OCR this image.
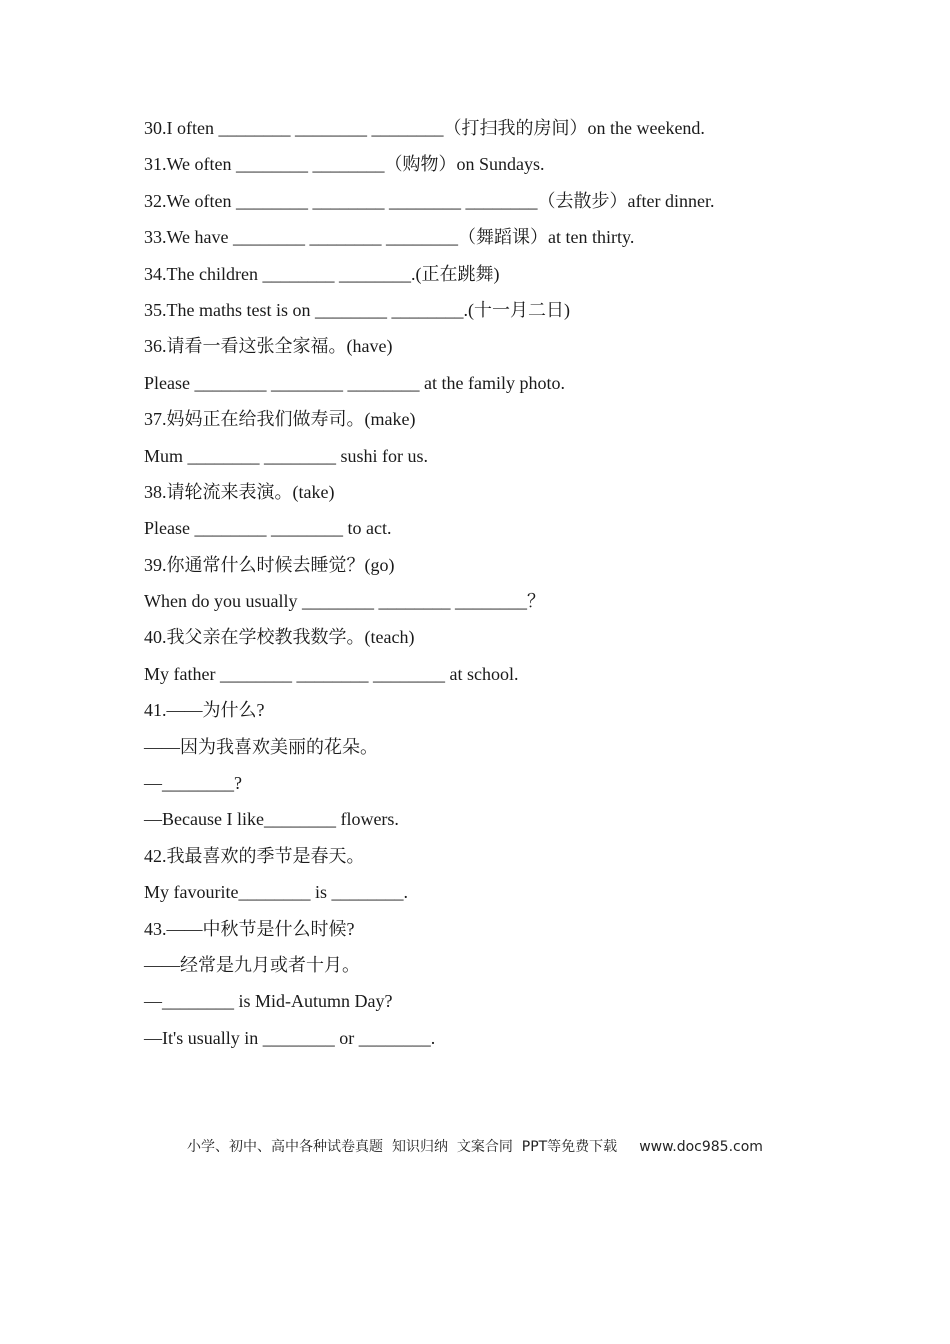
30.I often ________ ________ ________（打扫我的房间）on the weekend.
31.We often ________ ________（购物）on Sundays.
32.We often ________ ________ ________ ________（去散步）after dinner.
33.We have ________ ________ ________（舞蹈课）at ten thirty.
34.The children ________ ________.(正在跳舞)
35.The maths test is on ________ ________.(十一月二日)
36.请看一看这张全家福。(have)
Please ________ ________ ________ at the family photo.
37.妈妈正在给我们做寿司。(make)
Mum ________ ________ sushi for us.
38.请轮流来表演。(take)
Please ________ ________ to act.
39.你通常什么时候去睡觉？(go)
When do you usually ________ ________ ________？
40.我父亲在学校教我数学。(teach)
My father ________ ________ ________ at school.
41.——为什么?
——因为我喜欢美丽的花朵。
—________?
—Because I like________ flowers.
42.我最喜欢的季节是春天。
My favourite________ is ________.
43.——中秋节是什么时候?
——经常是九月或者十月。
—________ is Mid-Autumn Day?
—It's usually in ________ or ________.
小学、初中、高中各种试卷真题  知识归纳  文案合同  PPT等免费下载 www.doc985.com
